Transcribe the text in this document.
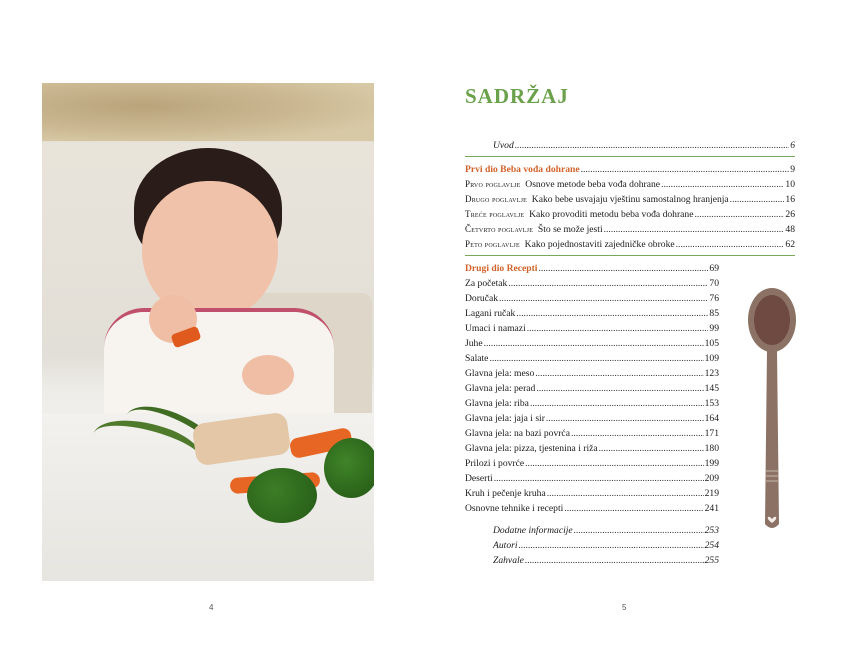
4
SADRŽAJ
Uvod .....	6
Prvi dio Beba vođa dohrane .....	9
Prvo poglavlje Osnove metode beba vođa dohrane .....	10
Drugo poglavlje Kako bebe usvajaju vještinu samostalnog hranjenja .....	16
Treće poglavlje Kako provoditi metodu beba vođa dohrane .....	26
Četvrto poglavlje Što se može jesti .....	48
Peto poglavlje Kako pojednostaviti zajedničke obroke .....	62
Drugi dio Recepti .....	69
Za početak .....	70
Doručak .....	76
Lagani ručak .....	85
Umaci i namazi .....	99
Juhe .....	105
Salate .....	109
Glavna jela: meso .....	123
Glavna jela: perad .....	145
Glavna jela: riba .....	153
Glavna jela: jaja i sir .....	164
Glavna jela: na bazi povrća .....	171
Glavna jela: pizza, tjestenina i riža .....	180
Prilozi i povrće .....	199
Deserti .....	209
Kruh i pečenje kruha .....	219
Osnovne tehnike i recepti .....	241
Dodatne informacije .....	253
Autori .....	254
Zahvale .....	255
5
